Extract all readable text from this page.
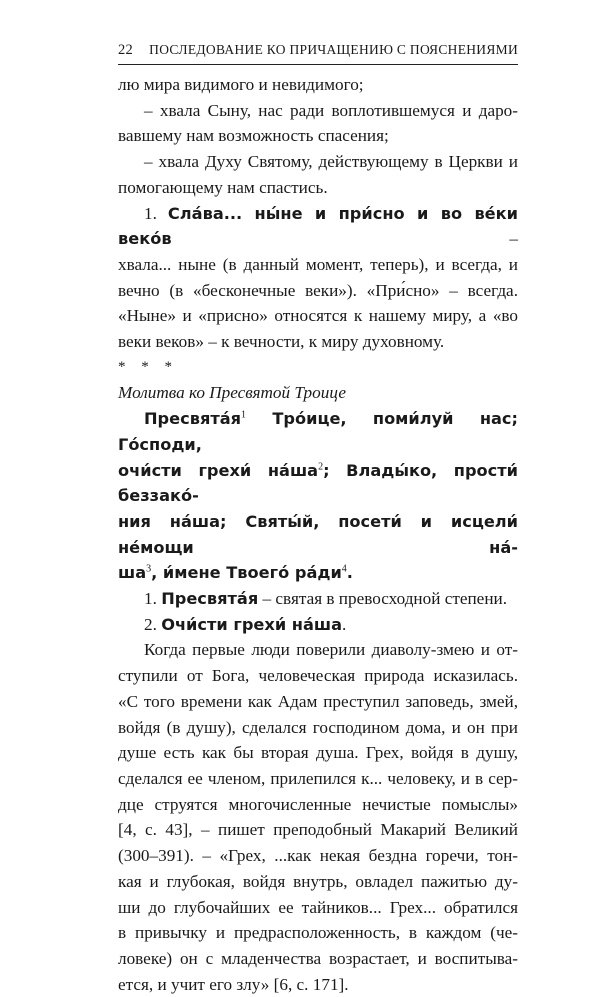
22 ПОСЛЕДОВАНИЕ КО ПРИЧАЩЕНИЮ С ПОЯСНЕНИЯМИ

лю мира видимого и невидимого;

– хвала Сыну, нас ради воплотившемуся и даро-

вавшему нам возможность спасения;

– хвала Духу Святому, действующему в Церкви и

помогающему нам спастись.

1. Сла́ва... ны́не и при́сно и во ве́ки веко́в –

хвала... ныне (в данный момент, теперь), и всегда, и

вечно (в «бесконечные веки»). «При́сно» – всегда.

«Ныне» и «присно» относятся к нашему миру, а «во

веки веков» – к вечности, к миру духовному.

* * *

Молитва ко Пресвятой Троице

$Пресвята́я^1$ Тро́ице, поми́луй нас; Го́споди,

очи́сти грехи́ $на́ша^2$; Влады́ко, прости́ беззако́-

ния на́ша; Святы́й, посети́ и исцели́ не́мощи на́-

$ша^3$, и́мене Твоего́ $ра́ди^4$.

1. Пресвята́я – святая в превосходной степени.

2. Очи́сти грехи́ на́ша.

Когда первые люди поверили диаволу-змею и от-

ступили от Бога, человеческая природа исказилась.

«С того времени как Адам преступил заповедь, змей,

войдя (в душу), сделался господином дома, и он при

душе есть как бы вторая душа. Грех, войдя в душу,

сделался ее членом, прилепился к... человеку, и в сер-

дце струятся многочисленные нечистые помыслы»

[4, с. 43], – пишет преподобный Макарий Великий

(300–391). – «Грех, ...как некая бездна горечи, тон-

кая и глубокая, войдя внутрь, овладел пажитью ду-

ши до глубочайших ее тайников... Грех... обратился

в привычку и предрасположенность, в каждом (че-

ловеке) он с младенчества возрастает, и воспитыва-

ется, и учит его злу» [6, с. 171].
